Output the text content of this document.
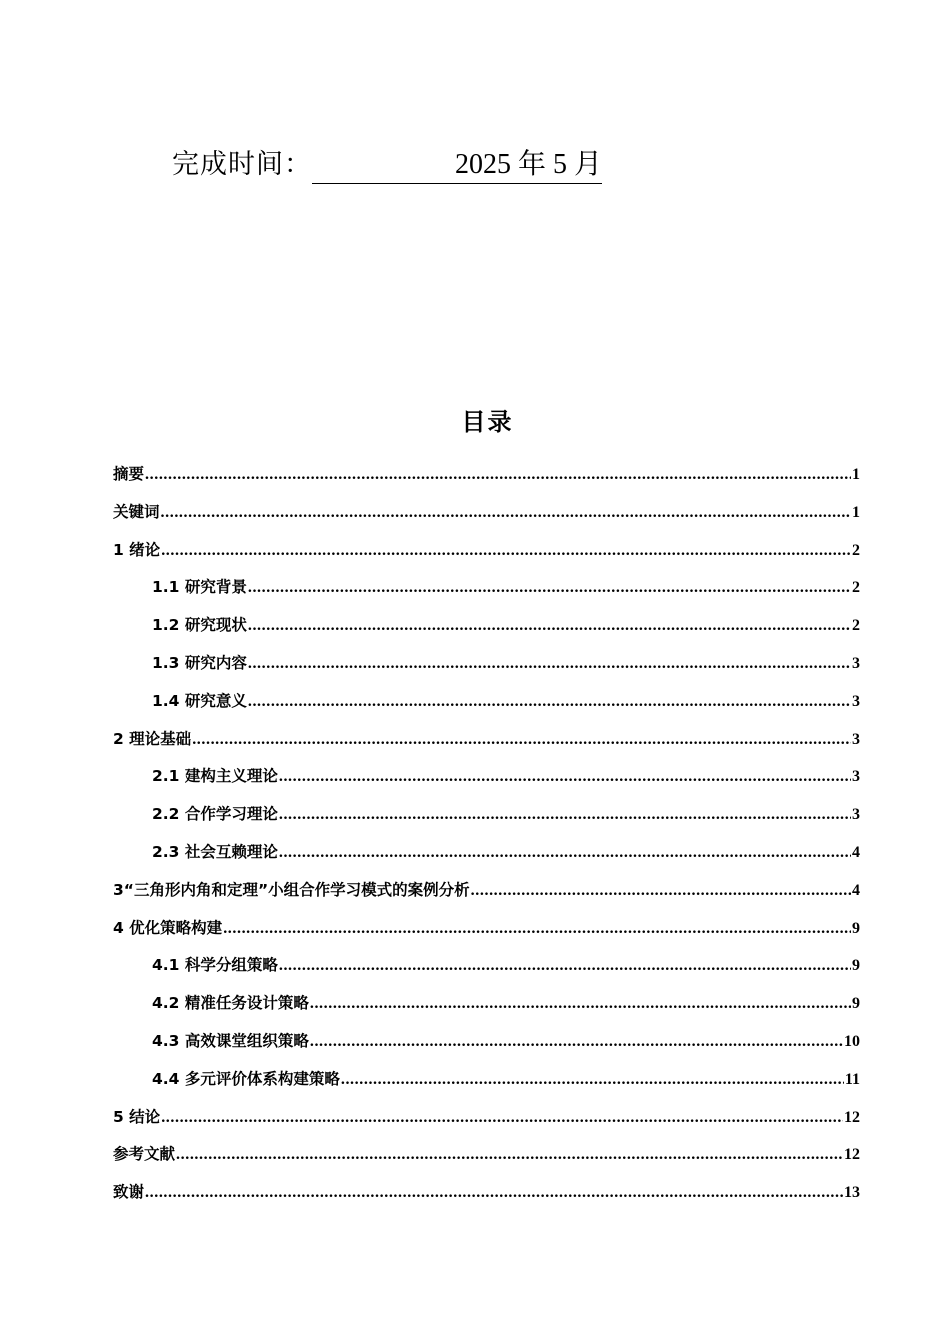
完成时间：	2025 年 5 月
目录
摘要 .....	1
关键词 .....	1
1 绪论 .....	2
1.1 研究背景 .....	2
1.2 研究现状 .....	2
1.3 研究内容 .....	3
1.4 研究意义 .....	3
2 理论基础 .....	3
2.1 建构主义理论 .....	3
2.2 合作学习理论 .....	3
2.3 社会互赖理论 .....	4
3“三角形内角和定理”小组合作学习模式的案例分析 .....	4
4 优化策略构建 .....	9
4.1 科学分组策略 .....	9
4.2 精准任务设计策略 .....	9
4.3 高效课堂组织策略 .....	10
4.4 多元评价体系构建策略 .....	11
5 结论 .....	12
参考文献 .....	12
致谢 .....	13
